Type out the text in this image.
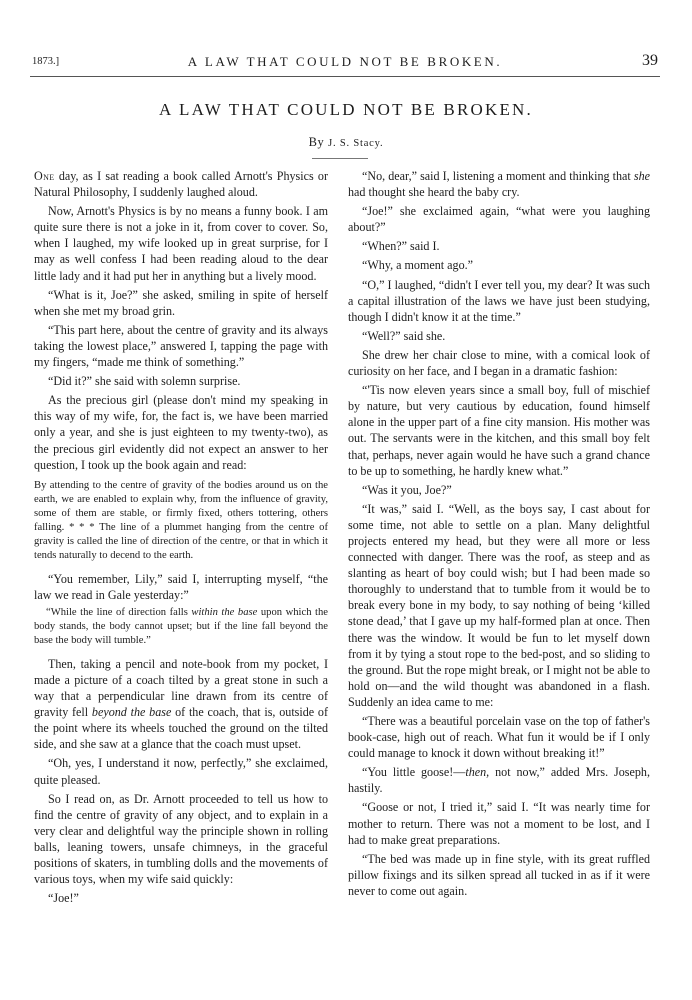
1873.]	A LAW THAT COULD NOT BE BROKEN.	39
A LAW THAT COULD NOT BE BROKEN.
By J. S. Stacy.

One day, as I sat reading a book called Arnott's Physics or Natural Philosophy, I suddenly laughed aloud.

Now, Arnott's Physics is by no means a funny book. I am quite sure there is not a joke in it, from cover to cover. So, when I laughed, my wife looked up in great surprise, for I may as well confess I had been reading aloud to the dear little lady and it had put her in anything but a lively mood.

“What is it, Joe?” she asked, smiling in spite of herself when she met my broad grin.

“This part here, about the centre of gravity and its always taking the lowest place,” answered I, tapping the page with my fingers, “made me think of something.”

“Did it?” she said with solemn surprise.

As the precious girl (please don't mind my speaking in this way of my wife, for, the fact is, we have been married only a year, and she is just eighteen to my twenty-two), as the precious girl evidently did not expect an answer to her question, I took up the book again and read:

By attending to the centre of gravity of the bodies around us on the earth, we are enabled to explain why, from the influence of gravity, some of them are stable, or firmly fixed, others tottering, others falling. * * * The line of a plummet hanging from the centre of gravity is called the line of direction of the centre, or that in which it tends naturally to decend to the earth.

“You remember, Lily,” said I, interrupting myself, “the law we read in Gale yesterday:”

“While the line of direction falls within the base upon which the body stands, the body cannot upset; but if the line fall beyond the base the body will tumble.”

Then, taking a pencil and note-book from my pocket, I made a picture of a coach tilted by a great stone in such a way that a perpendicular line drawn from its centre of gravity fell beyond the base of the coach, that is, outside of the point where its wheels touched the ground on the tilted side, and she saw at a glance that the coach must upset.

“Oh, yes, I understand it now, perfectly,” she exclaimed, quite pleased.

So I read on, as Dr. Arnott proceeded to tell us how to find the centre of gravity of any object, and to explain in a very clear and delightful way the principle shown in rolling balls, leaning towers, unsafe chimneys, in the graceful positions of skaters, in tumbling dolls and the movements of various toys, when my wife said quickly:

“Joe!”

“No, dear,” said I, listening a moment and thinking that she had thought she heard the baby cry.

“Joe!” she exclaimed again, “what were you laughing about?”

“When?” said I.

“Why, a moment ago.”

“O,” I laughed, “didn't I ever tell you, my dear? It was such a capital illustration of the laws we have just been studying, though I didn't know it at the time.”

“Well?” said she.

She drew her chair close to mine, with a comical look of curiosity on her face, and I began in a dramatic fashion:

“'Tis now eleven years since a small boy, full of mischief by nature, but very cautious by education, found himself alone in the upper part of a fine city mansion. His mother was out. The servants were in the kitchen, and this small boy felt that, perhaps, never again would he have such a grand chance to be up to something, he hardly knew what.”

“Was it you, Joe?”

“It was,” said I. “Well, as the boys say, I cast about for some time, not able to settle on a plan. Many delightful projects entered my head, but they were all more or less connected with danger. There was the roof, as steep and as slanting as heart of boy could wish; but I had been made so thoroughly to understand that to tumble from it would be to break every bone in my body, to say nothing of being ‘killed stone dead,’ that I gave up my half-formed plan at once. Then there was the window. It would be fun to let myself down from it by tying a stout rope to the bed-post, and so sliding to the ground. But the rope might break, or I might not be able to hold on—and the wild thought was abandoned in a flash. Suddenly an idea came to me:

“There was a beautiful porcelain vase on the top of father's book-case, high out of reach. What fun it would be if I only could manage to knock it down without breaking it!”

“You little goose!—then, not now,” added Mrs. Joseph, hastily.

“Goose or not, I tried it,” said I. “It was nearly time for mother to return. There was not a moment to be lost, and I had to make great preparations.

“The bed was made up in fine style, with its great ruffled pillow fixings and its silken spread all tucked in as if it were never to come out again.
